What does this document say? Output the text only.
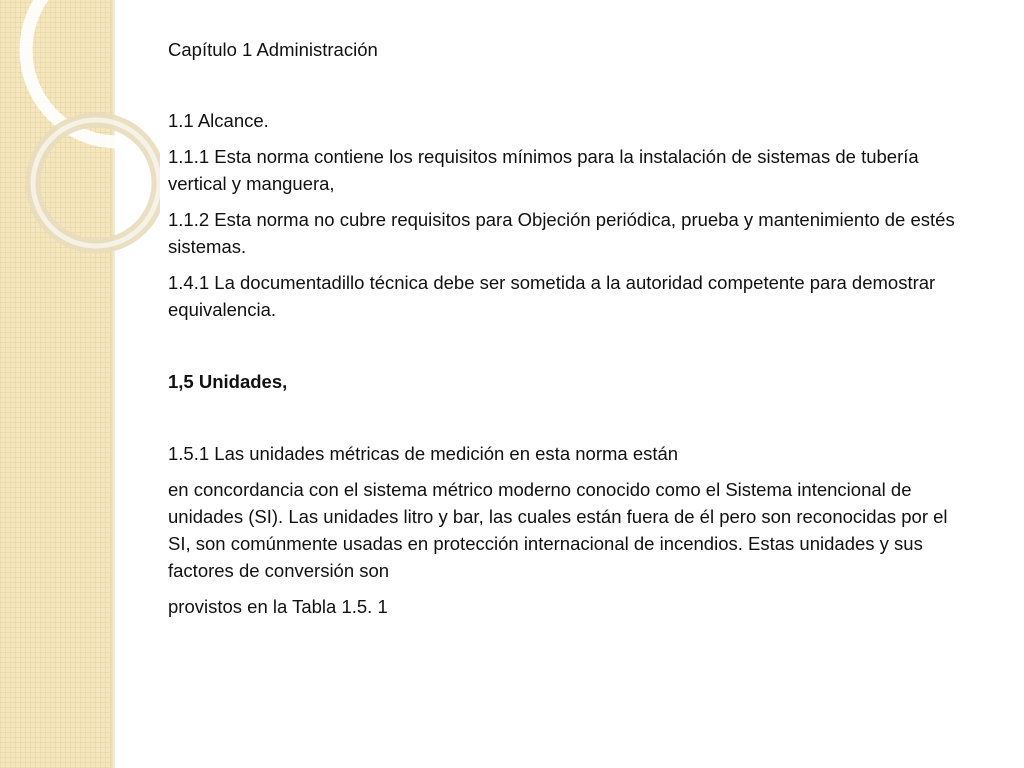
Capítulo 1 Administración

1.1 Alcance.

1.1.1 Esta norma contiene los requisitos mínimos para la instalación de sistemas de tubería vertical y manguera,

1.1.2 Esta norma no cubre requisitos para Objeción periódica, prueba y mantenimiento de estés sistemas.

1.4.1 La documentadillo técnica debe ser sometida a la autoridad competente para demostrar equivalencia.

1,5 Unidades,

1.5.1 Las unidades métricas de medición en esta norma están

en concordancia con el sistema métrico moderno conocido como el Sistema intencional de unidades (SI). Las unidades litro y bar, las cuales están fuera de él pero son reconocidas por el SI, son comúnmente usadas en protección internacional de incendios. Estas unidades y sus factores de conversión son

provistos en la Tabla 1.5. 1
